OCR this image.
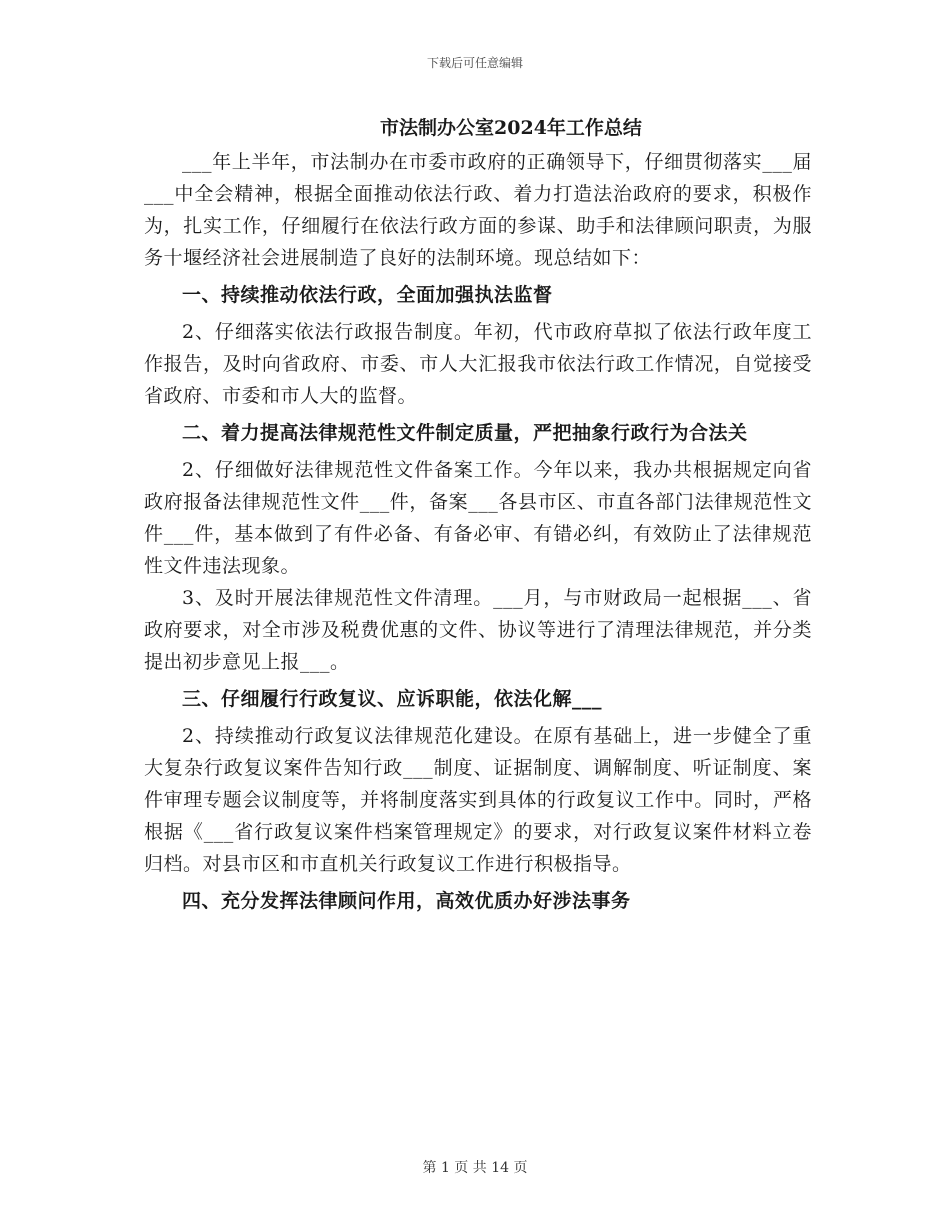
下载后可任意编辑
市法制办公室2024年工作总结

___年上半年，市法制办在市委市政府的正确领导下，仔细贯彻落实___届___中全会精神，根据全面推动依法行政、着力打造法治政府的要求，积极作为，扎实工作，仔细履行在依法行政方面的参谋、助手和法律顾问职责，为服务十堰经济社会进展制造了良好的法制环境。现总结如下：

一、持续推动依法行政，全面加强执法监督

2、仔细落实依法行政报告制度。年初，代市政府草拟了依法行政年度工作报告，及时向省政府、市委、市人大汇报我市依法行政工作情况，自觉接受省政府、市委和市人大的监督。

二、着力提高法律规范性文件制定质量，严把抽象行政行为合法关

2、仔细做好法律规范性文件备案工作。今年以来，我办共根据规定向省政府报备法律规范性文件___件，备案___各县市区、市直各部门法律规范性文件___件，基本做到了有件必备、有备必审、有错必纠，有效防止了法律规范性文件违法现象。

3、及时开展法律规范性文件清理。___月，与市财政局一起根据___、省政府要求，对全市涉及税费优惠的文件、协议等进行了清理法律规范，并分类提出初步意见上报___。

三、仔细履行行政复议、应诉职能，依法化解___

2、持续推动行政复议法律规范化建设。在原有基础上，进一步健全了重大复杂行政复议案件告知行政___制度、证据制度、调解制度、听证制度、案件审理专题会议制度等，并将制度落实到具体的行政复议工作中。同时，严格根据《___省行政复议案件档案管理规定》的要求，对行政复议案件材料立卷归档。对县市区和市直机关行政复议工作进行积极指导。

四、充分发挥法律顾问作用，高效优质办好涉法事务

第 1 页 共 14 页
